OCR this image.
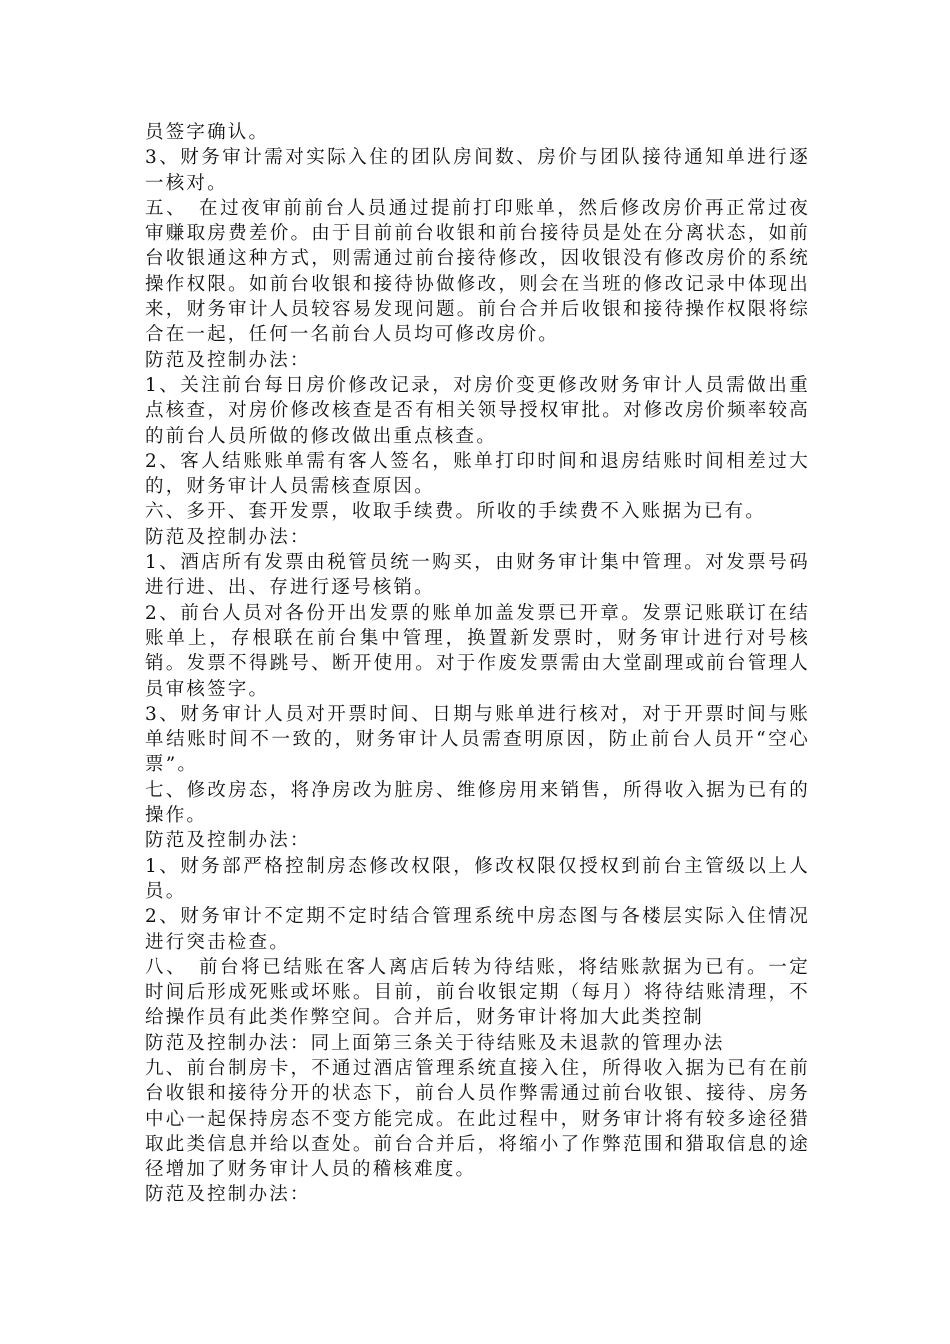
员签字确认。

3、财务审计需对实际入住的团队房间数、房价与团队接待通知单进行逐一核对。

五、　在过夜审前前台人员通过提前打印账单，然后修改房价再正常过夜审赚取房费差价。由于目前前台收银和前台接待员是处在分离状态，如前台收银通这种方式，则需通过前台接待修改，因收银没有修改房价的系统操作权限。如前台收银和接待协做修改，则会在当班的修改记录中体现出来，财务审计人员较容易发现问题。前台合并后收银和接待操作权限将综合在一起，任何一名前台人员均可修改房价。

防范及控制办法：

1、关注前台每日房价修改记录，对房价变更修改财务审计人员需做出重点核查，对房价修改核查是否有相关领导授权审批。对修改房价频率较高的前台人员所做的修改做出重点核查。

2、客人结账账单需有客人签名，账单打印时间和退房结账时间相差过大的，财务审计人员需核查原因。

六、多开、套开发票，收取手续费。所收的手续费不入账据为已有。

防范及控制办法：

1、酒店所有发票由税管员统一购买，由财务审计集中管理。对发票号码进行进、出、存进行逐号核销。

2、前台人员对各份开出发票的账单加盖发票已开章。发票记账联订在结账单上，存根联在前台集中管理，换置新发票时，财务审计进行对号核销。发票不得跳号、断开使用。对于作废发票需由大堂副理或前台管理人员审核签字。

3、财务审计人员对开票时间、日期与账单进行核对，对于开票时间与账单结账时间不一致的，财务审计人员需查明原因，防止前台人员开“空心票”。

七、修改房态，将净房改为脏房、维修房用来销售，所得收入据为已有的操作。

防范及控制办法：

1、财务部严格控制房态修改权限，修改权限仅授权到前台主管级以上人员。

2、财务审计不定期不定时结合管理系统中房态图与各楼层实际入住情况进行突击检查。

八、　前台将已结账在客人离店后转为待结账，将结账款据为已有。一定时间后形成死账或坏账。目前，前台收银定期（每月）将待结账清理，不给操作员有此类作弊空间。合并后，财务审计将加大此类控制

防范及控制办法：同上面第三条关于待结账及未退款的管理办法

九、前台制房卡，不通过酒店管理系统直接入住，所得收入据为已有在前台收银和接待分开的状态下，前台人员作弊需通过前台收银、接待、房务中心一起保持房态不变方能完成。在此过程中，财务审计将有较多途径猎取此类信息并给以查处。前台合并后，将缩小了作弊范围和猎取信息的途径增加了财务审计人员的稽核难度。

防范及控制办法：
